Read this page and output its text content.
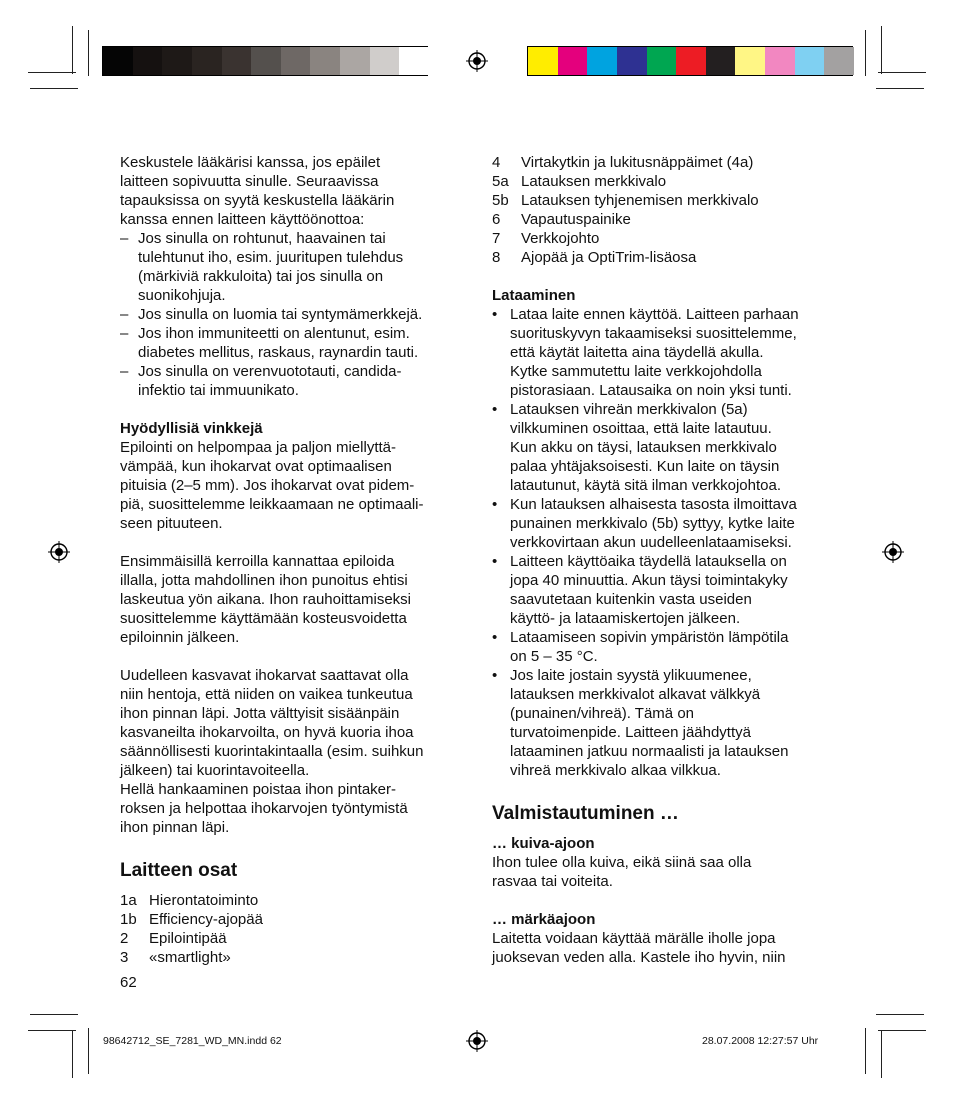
Keskustele lääkärisi kanssa, jos epäilet
laitteen sopivuutta sinulle. Seuraavissa
tapauksissa on syytä keskustella lääkärin
kanssa ennen laitteen käyttöönottoa:
– Jos sinulla on rohtunut, haavainen tai
tulehtunut iho, esim. juuritupen tulehdus
(märkiviä rakkuloita) tai jos sinulla on
suonikohjuja.
– Jos sinulla on luomia tai syntymämerkkejä.
– Jos ihon immuniteetti on alentunut, esim.
diabetes mellitus, raskaus, raynardin tauti.
– Jos sinulla on verenvuototauti, candida-
infektio tai immuunikato.
Hyödyllisiä vinkkejä
Epilointi on helpompaa ja paljon miellyttä-
vämpää, kun ihokarvat ovat optimaalisen
pituisia (2–5 mm). Jos ihokarvat ovat pidem-
piä, suosittelemme leikkaamaan ne optimaali-
seen pituuteen.
Ensimmäisillä kerroilla kannattaa epiloida
illalla, jotta mahdollinen ihon punoitus ehtisi
laskeutua yön aikana. Ihon rauhoittamiseksi
suosittelemme käyttämään kosteusvoidetta
epiloinnin jälkeen.
Uudelleen kasvavat ihokarvat saattavat olla
niin hentoja, että niiden on vaikea tunkeutua
ihon pinnan läpi. Jotta välttyisit sisäänpäin
kasvaneilta ihokarvoilta, on hyvä kuoria ihoa
säännöllisesti kuorintakintaalla (esim. suihkun
jälkeen) tai kuorintavoiteella.
Hellä hankaaminen poistaa ihon pintaker-
roksen ja helpottaa ihokarvojen työntymistä
ihon pinnan läpi.
Laitteen osat
1a Hierontatoiminto
1b Efficiency-ajopää
2	Epilointipää
3	«smartlight»
62
4	Virtakytkin ja lukitusnäppäimet (4a)
5a Latauksen merkkivalo
5b Latauksen tyhjenemisen merkkivalo
6	Vapautuspainike
7	Verkkojohto
8	Ajopää ja OptiTrim-lisäosa
Lataaminen
• Lataa laite ennen käyttöä. Laitteen parhaan
suorituskyvyn takaamiseksi suosittelemme,
että käytät laitetta aina täydellä akulla.
Kytke sammutettu laite verkkojohdolla
pistorasiaan. Latausaika on noin yksi tunti.
• Latauksen vihreän merkkivalon (5a)
vilkkuminen osoittaa, että laite latautuu.
Kun akku on täysi, latauksen merkkivalo
palaa yhtäjaksoisesti. Kun laite on täysin
latautunut, käytä sitä ilman verkkojohtoa.
• Kun latauksen alhaisesta tasosta ilmoittava
punainen merkkivalo (5b) syttyy, kytke laite
verkkovirtaan akun uudelleenlataamiseksi.
• Laitteen käyttöaika täydellä latauksella on
jopa 40 minuuttia. Akun täysi toimintakyky
saavutetaan kuitenkin vasta useiden
käyttö- ja lataamiskertojen jälkeen.
• Lataamiseen sopivin ympäristön lämpötila
on 5 – 35 °C.
• Jos laite jostain syystä ylikuumenee,
latauksen merkkivalot alkavat välkkyä
(punainen/vihreä). Tämä on
turvatoimenpide. Laitteen jäähdyttyä
lataaminen jatkuu normaalisti ja latauksen
vihreä merkkivalo alkaa vilkkua.
Valmistautuminen …
… kuiva-ajoon
Ihon tulee olla kuiva, eikä siinä saa olla
rasvaa tai voiteita.
… märkäajoon
Laitetta voidaan käyttää märälle iholle jopa
juoksevan veden alla. Kastele iho hyvin, niin
98642712_SE_7281_WD_MN.indd 62	28.07.2008 12:27:57 Uhr
